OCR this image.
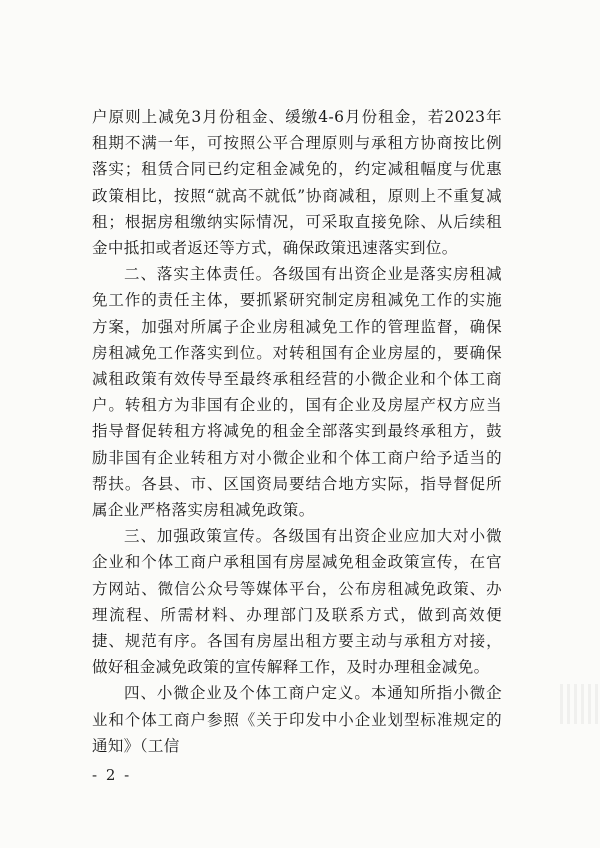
户原则上减免3月份租金、缓缴4-6月份租金，若2023年租期不满一年，可按照公平合理原则与承租方协商按比例落实；租赁合同已约定租金减免的，约定减租幅度与优惠政策相比，按照“就高不就低”协商减租，原则上不重复减租；根据房租缴纳实际情况，可采取直接免除、从后续租金中抵扣或者返还等方式，确保政策迅速落实到位。

二、落实主体责任。各级国有出资企业是落实房租减免工作的责任主体，要抓紧研究制定房租减免工作的实施方案，加强对所属子企业房租减免工作的管理监督，确保房租减免工作落实到位。对转租国有企业房屋的，要确保减租政策有效传导至最终承租经营的小微企业和个体工商户。转租方为非国有企业的，国有企业及房屋产权方应当指导督促转租方将减免的租金全部落实到最终承租方，鼓励非国有企业转租方对小微企业和个体工商户给予适当的帮扶。各县、市、区国资局要结合地方实际，指导督促所属企业严格落实房租减免政策。

三、加强政策宣传。各级国有出资企业应加大对小微企业和个体工商户承租国有房屋减免租金政策宣传，在官方网站、微信公众号等媒体平台，公布房租减免政策、办理流程、所需材料、办理部门及联系方式，做到高效便捷、规范有序。各国有房屋出租方要主动与承租方对接，做好租金减免政策的宣传解释工作，及时办理租金减免。

四、小微企业及个体工商户定义。本通知所指小微企业和个体工商户参照《关于印发中小企业划型标准规定的通知》（工信

- 2 -
